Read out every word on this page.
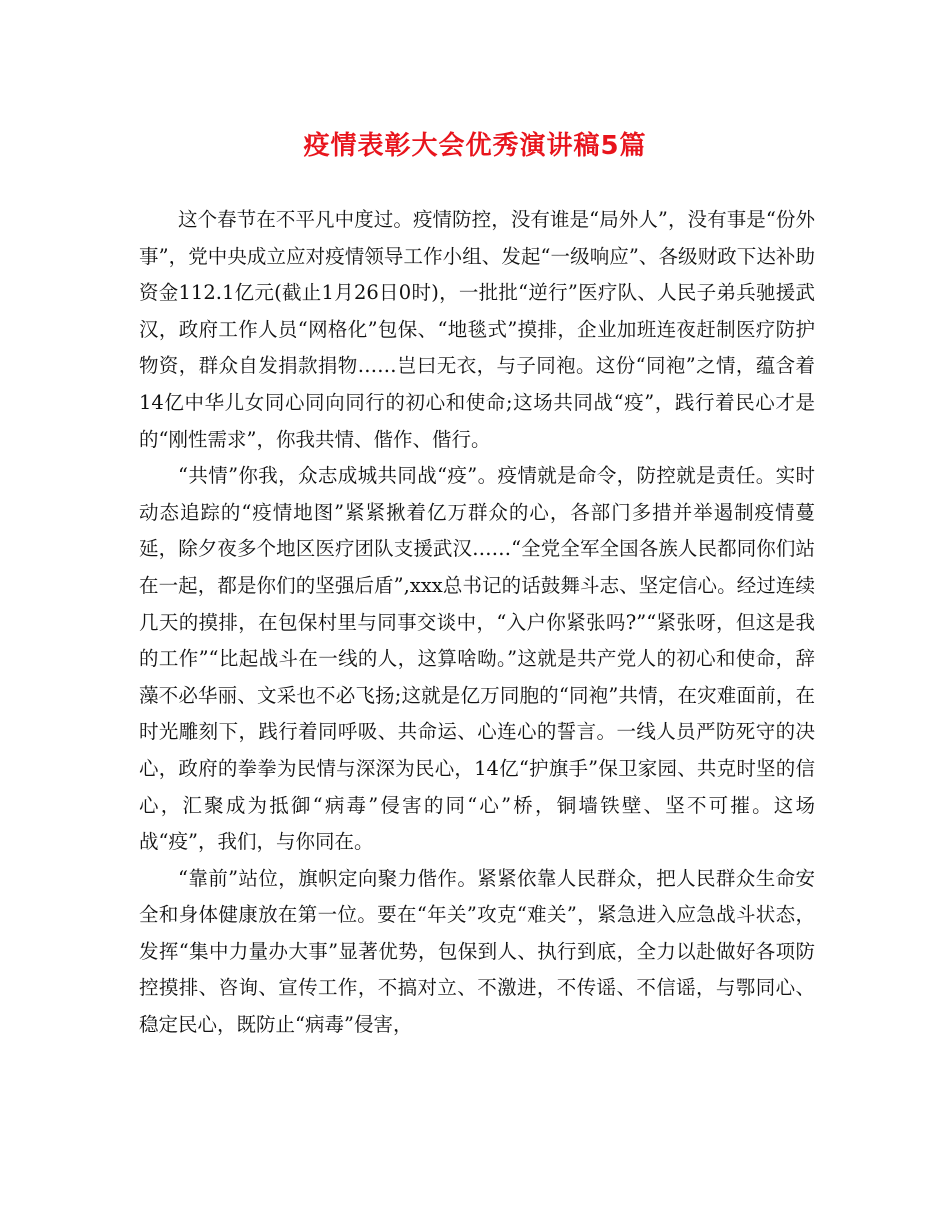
疫情表彰大会优秀演讲稿5篇

这个春节在不平凡中度过。疫情防控，没有谁是“局外人”，没有事是“份外事”，党中央成立应对疫情领导工作小组、发起“一级响应”、各级财政下达补助资金112.1亿元(截止1月26日0时)，一批批“逆行”医疗队、人民子弟兵驰援武汉，政府工作人员“网格化”包保、“地毯式”摸排，企业加班连夜赶制医疗防护物资，群众自发捐款捐物……岂曰无衣，与子同袍。这份“同袍”之情，蕴含着14亿中华儿女同心同向同行的初心和使命;这场共同战“疫”，践行着民心才是的“刚性需求”，你我共情、偕作、偕行。

“共情”你我，众志成城共同战“疫”。疫情就是命令，防控就是责任。实时动态追踪的“疫情地图”紧紧揪着亿万群众的心，各部门多措并举遏制疫情蔓延，除夕夜多个地区医疗团队支援武汉……“全党全军全国各族人民都同你们站在一起，都是你们的坚强后盾”,xxx总书记的话鼓舞斗志、坚定信心。经过连续几天的摸排，在包保村里与同事交谈中，“入户你紧张吗?”“紧张呀，但这是我的工作”“比起战斗在一线的人，这算啥呦。”这就是共产党人的初心和使命，辞藻不必华丽、文采也不必飞扬;这就是亿万同胞的“同袍”共情，在灾难面前，在时光雕刻下，践行着同呼吸、共命运、心连心的誓言。一线人员严防死守的决心，政府的拳拳为民情与深深为民心，14亿“护旗手”保卫家园、共克时坚的信心，汇聚成为抵御“病毒”侵害的同“心”桥，铜墙铁壁、坚不可摧。这场战“疫”，我们，与你同在。

“靠前”站位，旗帜定向聚力偕作。紧紧依靠人民群众，把人民群众生命安全和身体健康放在第一位。要在“年关”攻克“难关”，紧急进入应急战斗状态，发挥“集中力量办大事”显著优势，包保到人、执行到底，全力以赴做好各项防控摸排、咨询、宣传工作，不搞对立、不激进，不传谣、不信谣，与鄂同心、稳定民心，既防止“病毒”侵害，
